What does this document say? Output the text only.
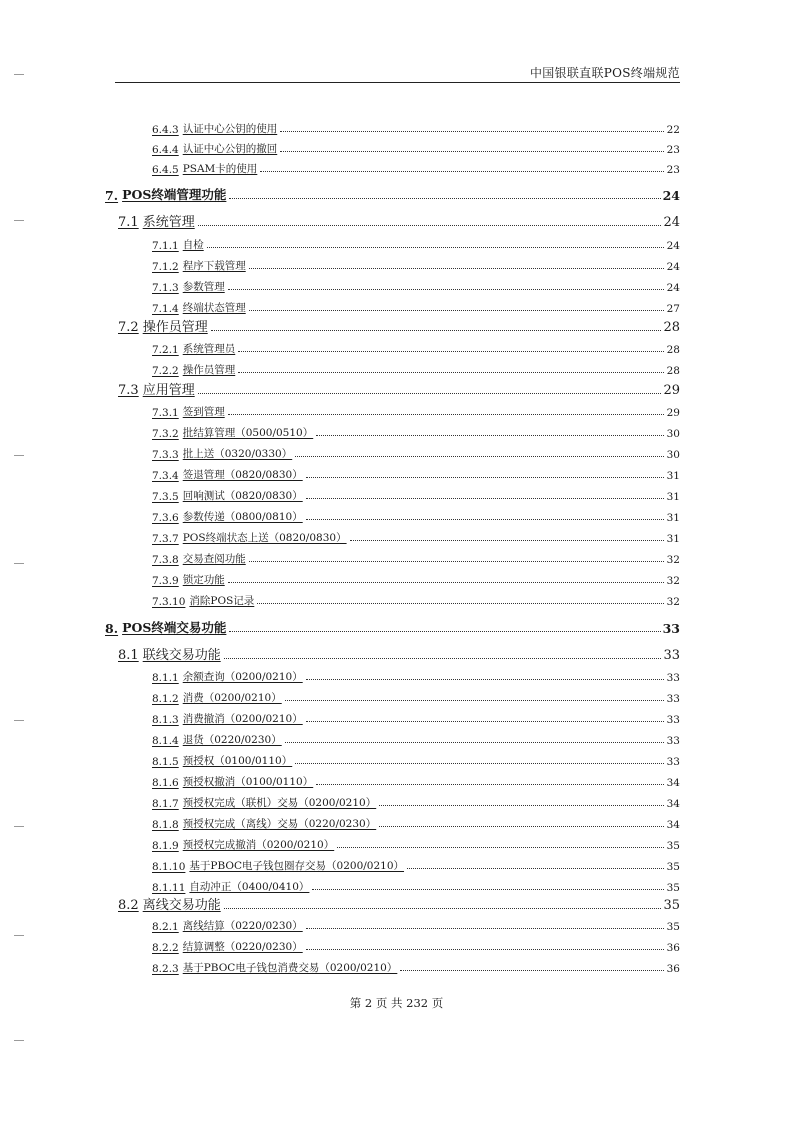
中国银联直联POS终端规范
6.4.3 认证中心公钥的使用	22
6.4.4 认证中心公钥的撤回	23
6.4.5 PSAM卡的使用	23
7. POS终端管理功能	24
7.1 系统管理	24
7.1.1 自检	24
7.1.2 程序下载管理	24
7.1.3 参数管理	24
7.1.4 终端状态管理	27
7.2 操作员管理	28
7.2.1 系统管理员	28
7.2.2 操作员管理	28
7.3 应用管理	29
7.3.1 签到管理	29
7.3.2 批结算管理（0500/0510）	30
7.3.3 批上送（0320/0330）	30
7.3.4 签退管理（0820/0830）	31
7.3.5 回响测试（0820/0830）	31
7.3.6 参数传递（0800/0810）	31
7.3.7 POS终端状态上送（0820/0830）	31
7.3.8 交易查阅功能	32
7.3.9 锁定功能	32
7.3.10 消除POS记录	32
8. POS终端交易功能	33
8.1 联线交易功能	33
8.1.1 余额查询（0200/0210）	33
8.1.2 消费（0200/0210）	33
8.1.3 消费撤消（0200/0210）	33
8.1.4 退货（0220/0230）	33
8.1.5 预授权（0100/0110）	33
8.1.6 预授权撤消（0100/0110）	34
8.1.7 预授权完成（联机）交易（0200/0210）	34
8.1.8 预授权完成（离线）交易（0220/0230）	34
8.1.9 预授权完成撤消（0200/0210）	35
8.1.10 基于PBOC电子钱包圈存交易（0200/0210）	35
8.1.11 自动冲正（0400/0410）	35
8.2 离线交易功能	35
8.2.1 离线结算（0220/0230）	35
8.2.2 结算调整（0220/0230）	36
8.2.3 基于PBOC电子钱包消费交易（0200/0210）	36
第 2 页 共 232 页
